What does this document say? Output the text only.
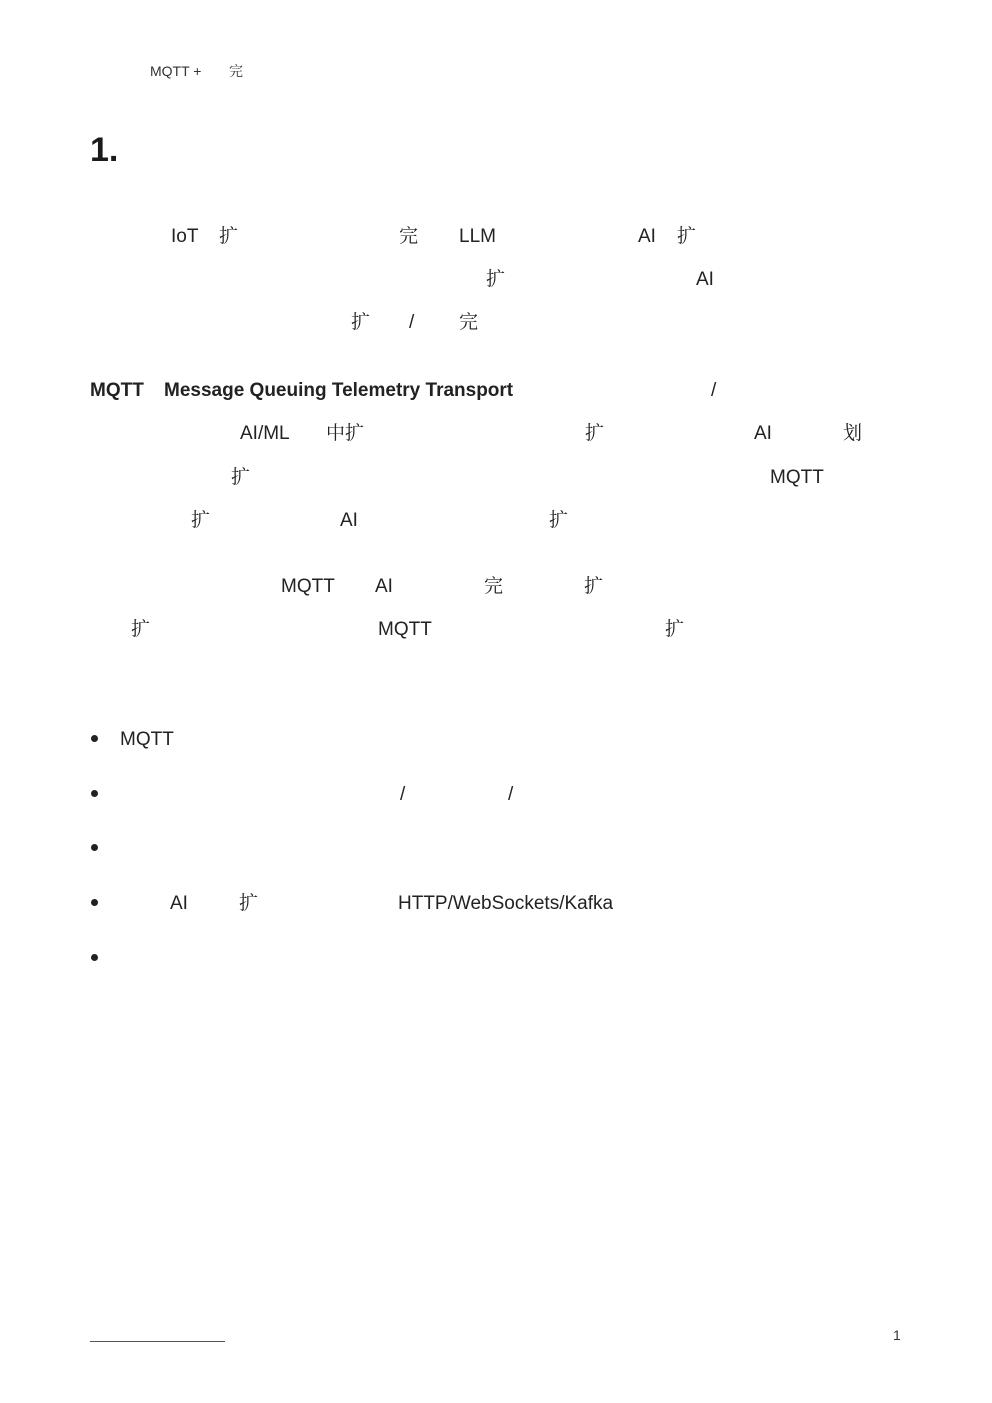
MQTT + 完
1.
IoT 扩	完 LLM	AI 扩
扩	AI
扩 / 完
MQTT Message Queuing Telemetry Transport	/
AI/ML 中扩	扩	AI	划
扩	MQTT
扩	AI	扩
MQTT AI	完	扩
扩	MQTT	扩
MQTT
/	/
AI	扩	HTTP/WebSockets/Kafka
1
